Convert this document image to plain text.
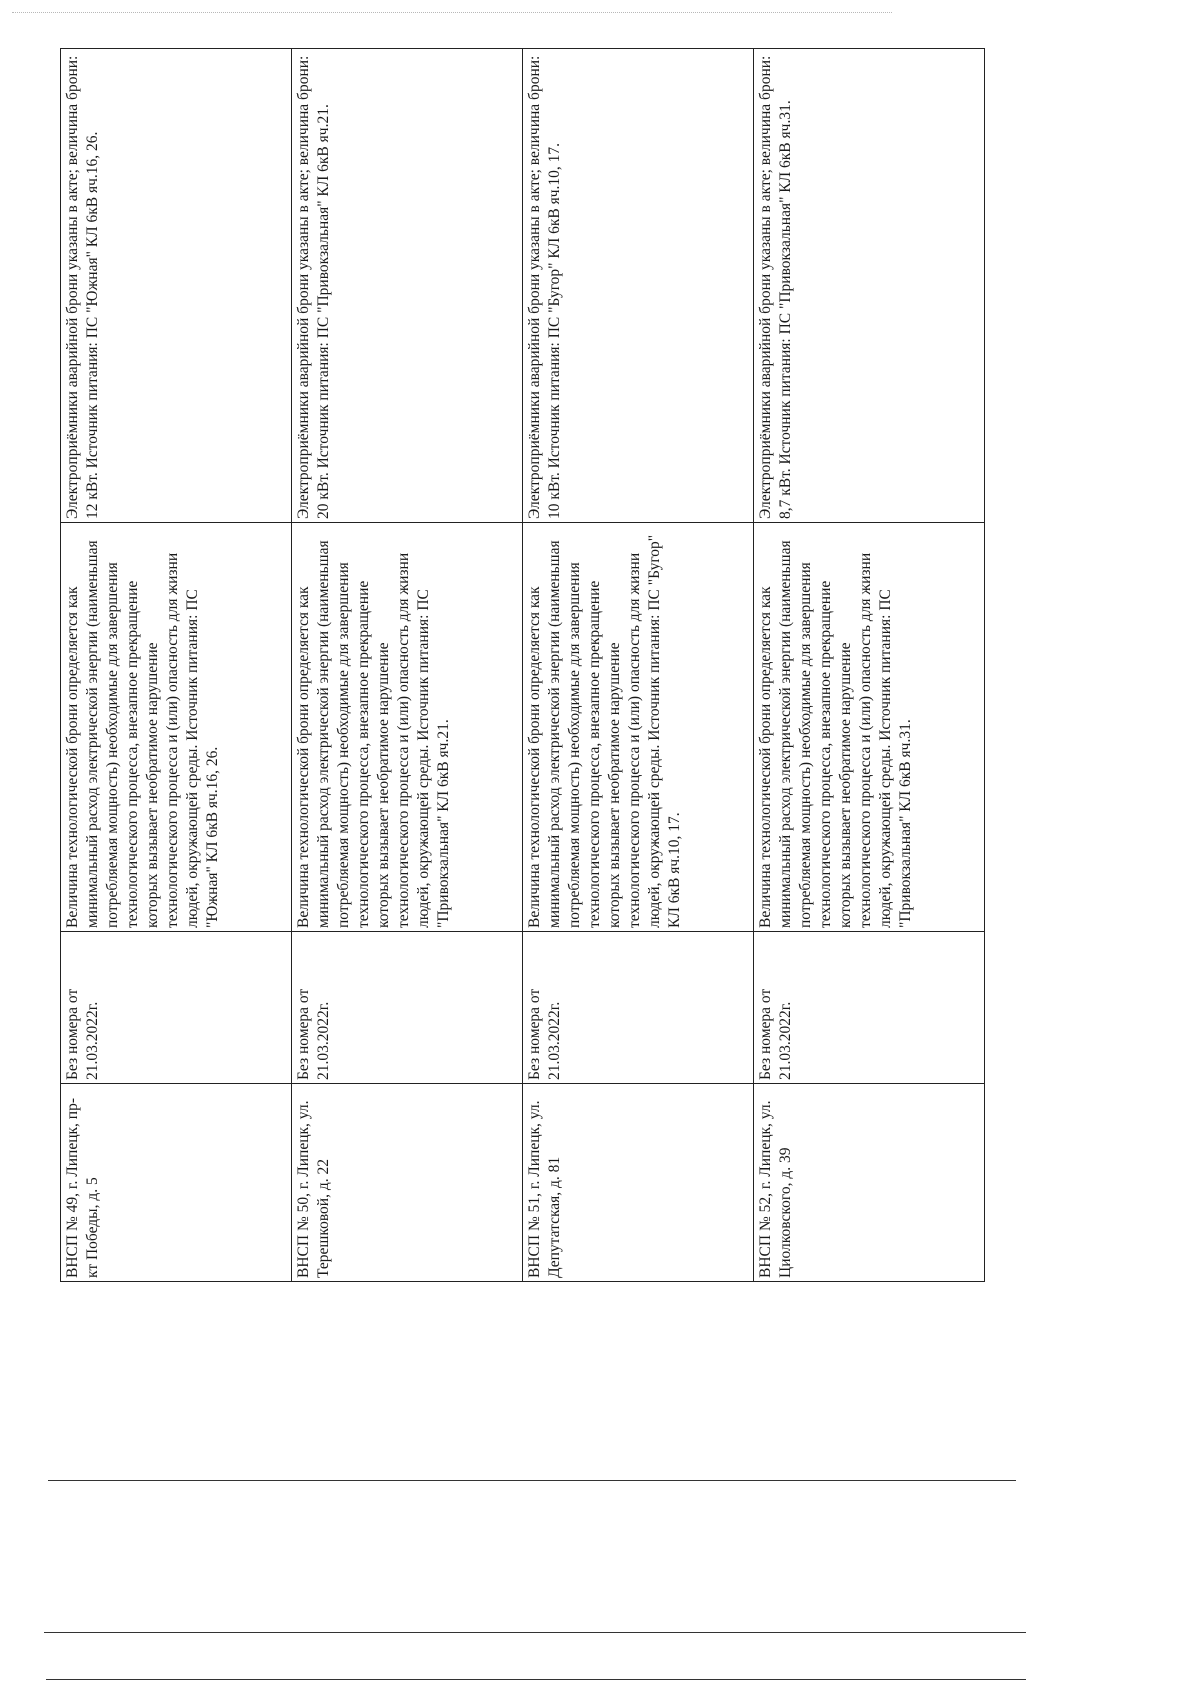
ВНСП № 49, г. Липецк, пр-кт Победы, д. 5	Без номера от 21.03.2022г.	Величина технологической брони определяется как минимальный расход электрической энергии (наименьшая потребляемая мощность) необходимые для завершения технологического процесса, внезапное прекращение которых вызывает необратимое нарушение технологического процесса и (или) опасность для жизни людей, окружающей среды. Источник питания: ПС "Южная" КЛ 6кВ яч.16, 26.	Электроприёмники аварийной брони указаны в акте; величина брони: 12 кВт. Источник питания: ПС "Южная" КЛ 6кВ яч.16, 26.
ВНСП № 50, г. Липецк, ул. Терешковой, д. 22	Без номера от 21.03.2022г.	Величина технологической брони определяется как минимальный расход электрической энергии (наименьшая потребляемая мощность) необходимые для завершения технологического процесса, внезапное прекращение которых вызывает необратимое нарушение технологического процесса и (или) опасность для жизни людей, окружающей среды. Источник питания: ПС "Привокзальная" КЛ 6кВ яч.21.	Электроприёмники аварийной брони указаны в акте; величина брони: 20 кВт. Источник питания: ПС "Привокзальная" КЛ 6кВ яч.21.
ВНСП № 51, г. Липецк, ул. Депутатская, д. 81	Без номера от 21.03.2022г.	Величина технологической брони определяется как минимальный расход электрической энергии (наименьшая потребляемая мощность) необходимые для завершения технологического процесса, внезапное прекращение которых вызывает необратимое нарушение технологического процесса и (или) опасность для жизни людей, окружающей среды. Источник питания: ПС "Бугор" КЛ 6кВ яч.10, 17.	Электроприёмники аварийной брони указаны в акте; величина брони: 10 кВт. Источник питания: ПС "Бугор" КЛ 6кВ яч.10, 17.
ВНСП № 52, г. Липецк, ул. Циолковского, д. 39	Без номера от 21.03.2022г.	Величина технологической брони определяется как минимальный расход электрической энергии (наименьшая потребляемая мощность) необходимые для завершения технологического процесса, внезапное прекращение которых вызывает необратимое нарушение технологического процесса и (или) опасность для жизни людей, окружающей среды. Источник питания: ПС "Привокзальная" КЛ 6кВ яч.31.	Электроприёмники аварийной брони указаны в акте; величина брони: 8,7 кВт. Источник питания: ПС "Привокзальная" КЛ 6кВ яч.31.
